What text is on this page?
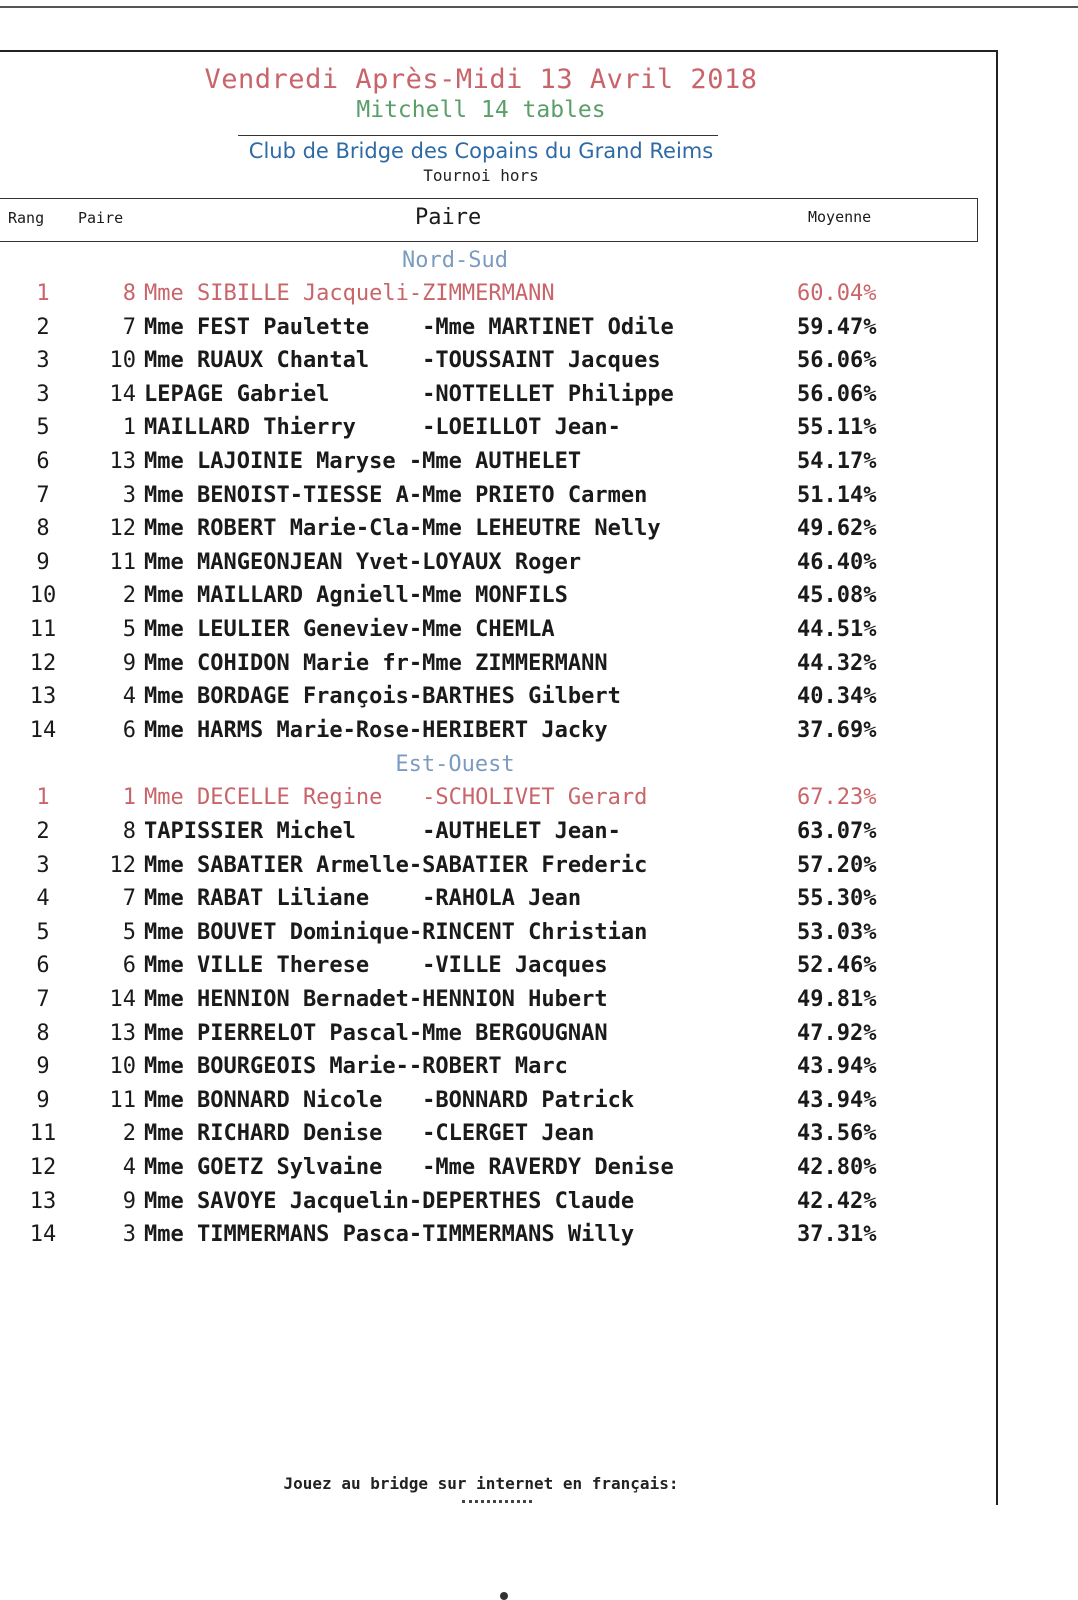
Vendredi Après-Midi 13 Avril 2018
Mitchell 14 tables
Club de Bridge des Copains du Grand Reims
Tournoi hors
Rang Paire	Paire	Moyenne
Nord-Sud
1	8 Mme SIBILLE Jacqueli-ZIMMERMANN	60.04%
2	7 Mme FEST Paulette    -Mme MARTINET Odile	59.47%
3	10 Mme RUAUX Chantal    -TOUSSAINT Jacques	56.06%
3	14 LEPAGE Gabriel       -NOTTELLET Philippe	56.06%
5	1 MAILLARD Thierry     -LOEILLOT Jean-	55.11%
6	13 Mme LAJOINIE Maryse -Mme AUTHELET	54.17%
7	3 Mme BENOIST-TIESSE A-Mme PRIETO Carmen	51.14%
8	12 Mme ROBERT Marie-Cla-Mme LEHEUTRE Nelly	49.62%
9	11 Mme MANGEONJEAN Yvet-LOYAUX Roger	46.40%
10	2 Mme MAILLARD Agniell-Mme MONFILS	45.08%
11	5 Mme LEULIER Geneviev-Mme CHEMLA	44.51%
12	9 Mme COHIDON Marie fr-Mme ZIMMERMANN	44.32%
13	4 Mme BORDAGE François-BARTHES Gilbert	40.34%
14	6 Mme HARMS Marie-Rose-HERIBERT Jacky	37.69%
Est-Ouest
1	1 Mme DECELLE Regine   -SCHOLIVET Gerard	67.23%
2	8 TAPISSIER Michel     -AUTHELET Jean-	63.07%
3	12 Mme SABATIER Armelle-SABATIER Frederic	57.20%
4	7 Mme RABAT Liliane    -RAHOLA Jean	55.30%
5	5 Mme BOUVET Dominique-RINCENT Christian	53.03%
6	6 Mme VILLE Therese    -VILLE Jacques	52.46%
7	14 Mme HENNION Bernadet-HENNION Hubert	49.81%
8	13 Mme PIERRELOT Pascal-Mme BERGOUGNAN	47.92%
9	10 Mme BOURGEOIS Marie--ROBERT Marc	43.94%
9	11 Mme BONNARD Nicole   -BONNARD Patrick	43.94%
11	2 Mme RICHARD Denise   -CLERGET Jean	43.56%
12	4 Mme GOETZ Sylvaine   -Mme RAVERDY Denise	42.80%
13	9 Mme SAVOYE Jacquelin-DEPERTHES Claude	42.42%
14	3 Mme TIMMERMANS Pasca-TIMMERMANS Willy	37.31%
Jouez au bridge sur internet en français:
